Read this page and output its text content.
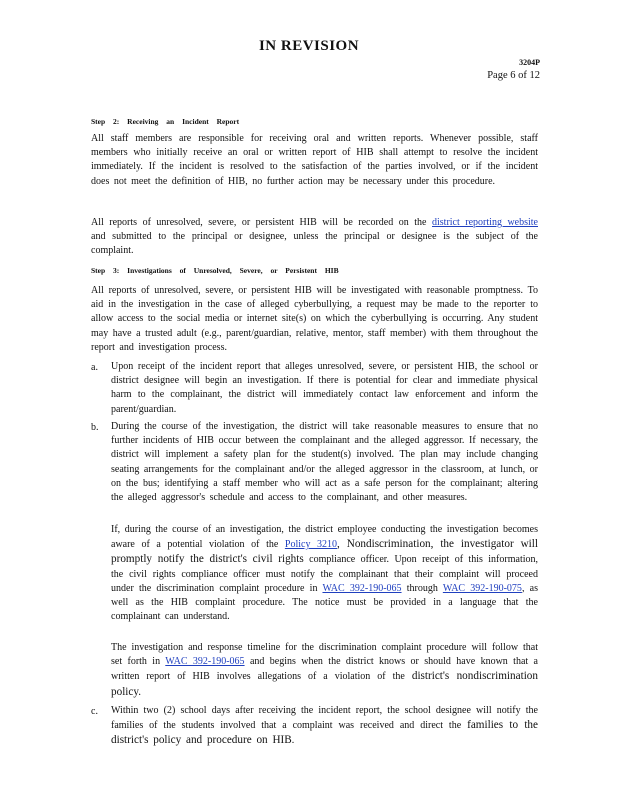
IN REVISION
3204P
Page 6 of 12
Step 2: Receiving an Incident Report
All staff members are responsible for receiving oral and written reports. Whenever possible, staff members who initially receive an oral or written report of HIB shall attempt to resolve the incident immediately. If the incident is resolved to the satisfaction of the parties involved, or if the incident does not meet the definition of HIB, no further action may be necessary under this procedure.
All reports of unresolved, severe, or persistent HIB will be recorded on the district reporting website and submitted to the principal or designee, unless the principal or designee is the subject of the complaint.
Step 3: Investigations of Unresolved, Severe, or Persistent HIB
All reports of unresolved, severe, or persistent HIB will be investigated with reasonable promptness. To aid in the investigation in the case of alleged cyberbullying, a request may be made to the reporter to allow access to the social media or internet site(s) on which the cyberbullying is occurring. Any student may have a trusted adult (e.g., parent/guardian, relative, mentor, staff member) with them throughout the report and investigation process.
a. Upon receipt of the incident report that alleges unresolved, severe, or persistent HIB, the school or district designee will begin an investigation. If there is potential for clear and immediate physical harm to the complainant, the district will immediately contact law enforcement and inform the parent/guardian.
b. During the course of the investigation, the district will take reasonable measures to ensure that no further incidents of HIB occur between the complainant and the alleged aggressor. If necessary, the district will implement a safety plan for the student(s) involved. The plan may include changing seating arrangements for the complainant and/or the alleged aggressor in the classroom, at lunch, or on the bus; identifying a staff member who will act as a safe person for the complainant; altering the alleged aggressor's schedule and access to the complainant, and other measures.
If, during the course of an investigation, the district employee conducting the investigation becomes aware of a potential violation of the Policy 3210, Nondiscrimination, the investigator will promptly notify the district's civil rights compliance officer. Upon receipt of this information, the civil rights compliance officer must notify the complainant that their complaint will proceed under the discrimination complaint procedure in WAC 392-190-065 through WAC 392-190-075, as well as the HIB complaint procedure. The notice must be provided in a language that the complainant can understand.
The investigation and response timeline for the discrimination complaint procedure will follow that set forth in WAC 392-190-065 and begins when the district knows or should have known that a written report of HIB involves allegations of a violation of the district's nondiscrimination policy.
c. Within two (2) school days after receiving the incident report, the school designee will notify the families of the students involved that a complaint was received and direct the families to the district's policy and procedure on HIB.
